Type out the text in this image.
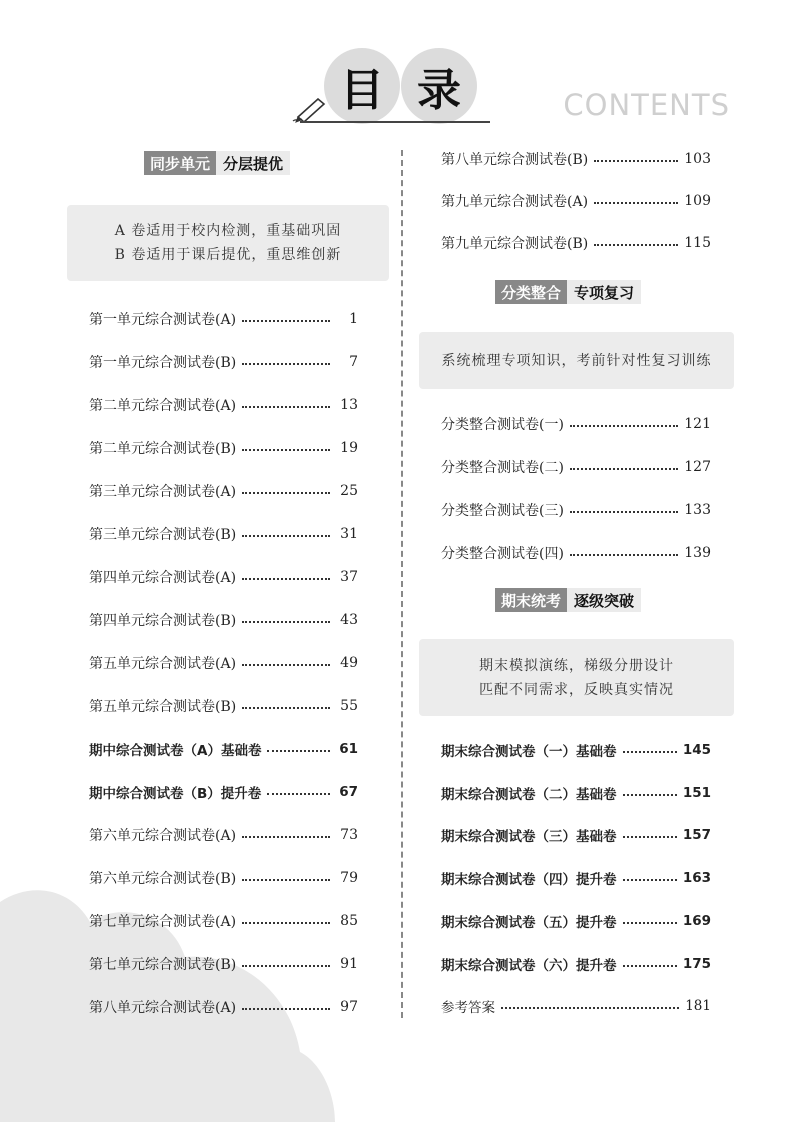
目 录	CONTENTS
同步单元 分层提优
A 卷适用于校内检测，重基础巩固
B 卷适用于课后提优，重思维创新
第一单元综合测试卷(A)	1
第一单元综合测试卷(B)	7
第二单元综合测试卷(A)	13
第二单元综合测试卷(B)	19
第三单元综合测试卷(A)	25
第三单元综合测试卷(B)	31
第四单元综合测试卷(A)	37
第四单元综合测试卷(B)	43
第五单元综合测试卷(A)	49
第五单元综合测试卷(B)	55
期中综合测试卷（A）基础卷	61
期中综合测试卷（B）提升卷	67
第六单元综合测试卷(A)	73
第六单元综合测试卷(B)	79
第七单元综合测试卷(A)	85
第七单元综合测试卷(B)	91
第八单元综合测试卷(A)	97
第八单元综合测试卷(B)	103
第九单元综合测试卷(A)	109
第九单元综合测试卷(B)	115
分类整合 专项复习
系统梳理专项知识，考前针对性复习训练
分类整合测试卷(一)	121
分类整合测试卷(二)	127
分类整合测试卷(三)	133
分类整合测试卷(四)	139
期末统考 逐级突破
期末模拟演练，梯级分册设计
匹配不同需求，反映真实情况
期末综合测试卷（一）基础卷	145
期末综合测试卷（二）基础卷	151
期末综合测试卷（三）基础卷	157
期末综合测试卷（四）提升卷	163
期末综合测试卷（五）提升卷	169
期末综合测试卷（六）提升卷	175
参考答案	181
